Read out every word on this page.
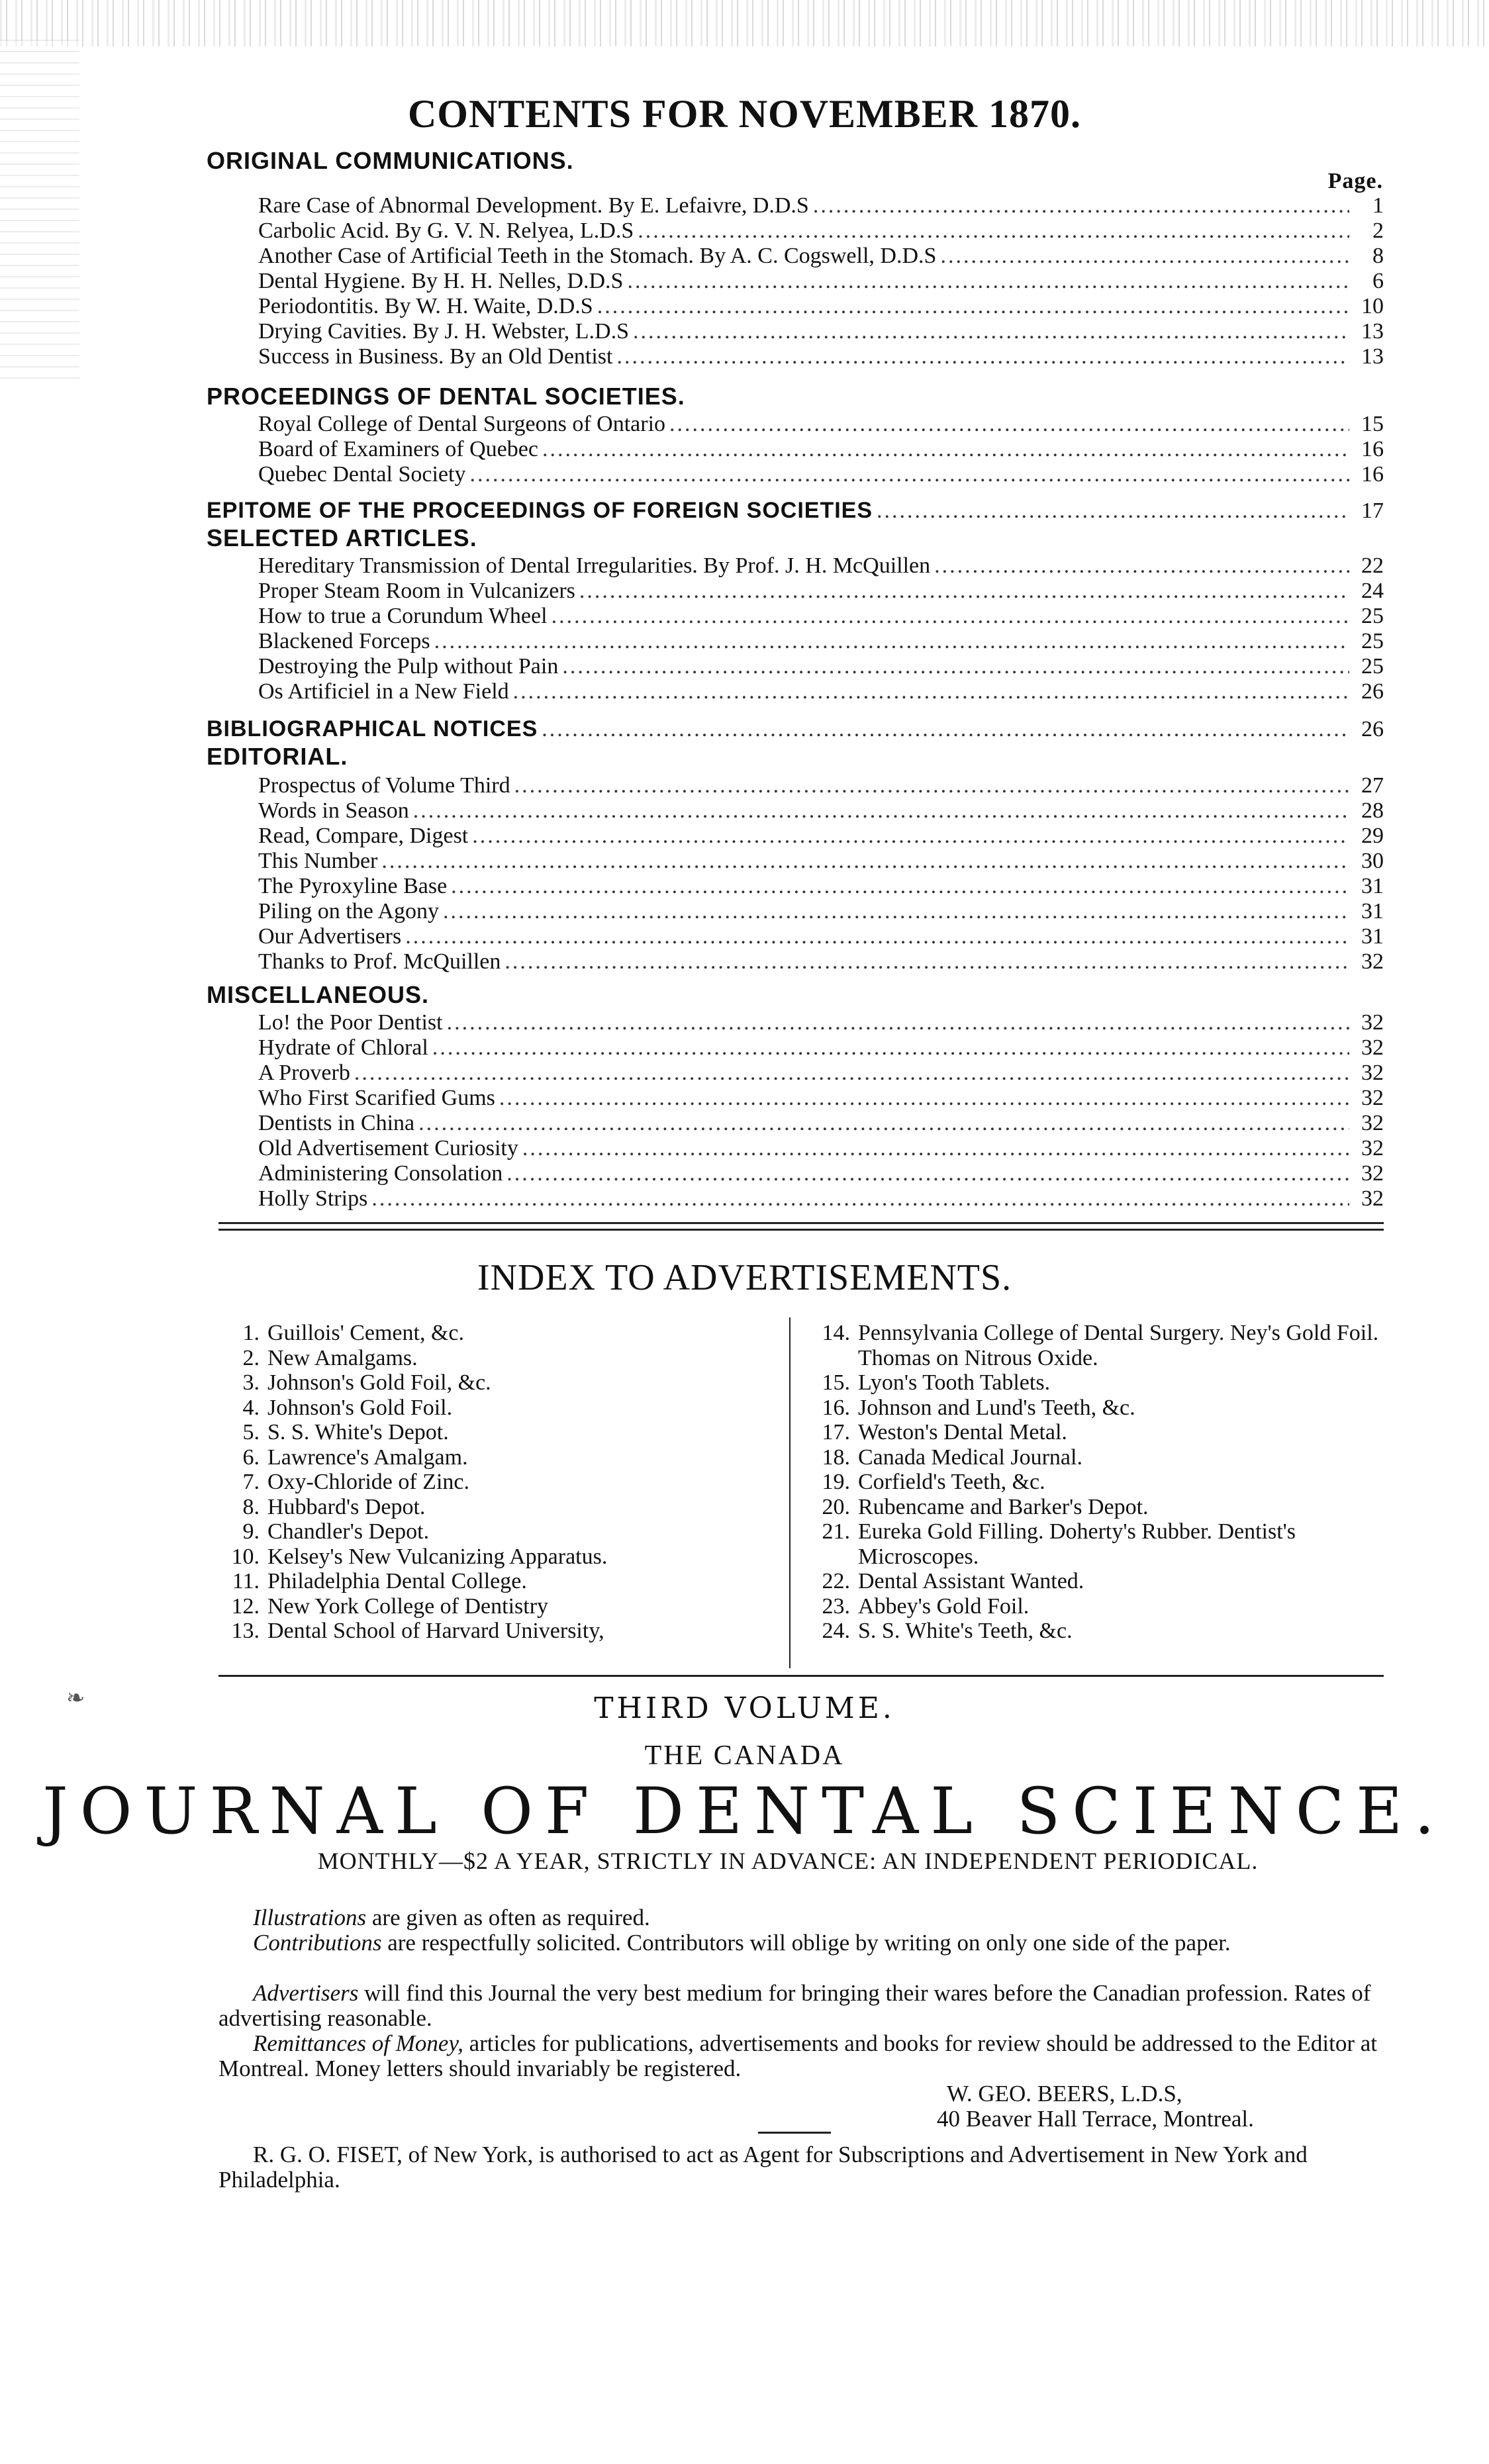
CONTENTS FOR NOVEMBER 1870.
ORIGINAL COMMUNICATIONS.
Page.
Rare Case of Abnormal Development. By E. Lefaivre, D.D.S .....	1
Carbolic Acid. By G. V. N. Relyea, L.D.S .....	2
Another Case of Artificial Teeth in the Stomach. By A. C. Cogswell, D.D.S .....	8
Dental Hygiene. By H. H. Nelles, D.D.S .....	6
Periodontitis. By W. H. Waite, D.D.S .....	10
Drying Cavities. By J. H. Webster, L.D.S .....	13
Success in Business. By an Old Dentist .....	13
PROCEEDINGS OF DENTAL SOCIETIES.
Royal College of Dental Surgeons of Ontario .....	15
Board of Examiners of Quebec .....	16
Quebec Dental Society .....	16
EPITOME OF THE PROCEEDINGS OF FOREIGN SOCIETIES .....	17
SELECTED ARTICLES.
Hereditary Transmission of Dental Irregularities. By Prof. J. H. McQuillen .....	22
Proper Steam Room in Vulcanizers .....	24
How to true a Corundum Wheel .....	25
Blackened Forceps .....	25
Destroying the Pulp without Pain .....	25
Os Artificiel in a New Field .....	26
BIBLIOGRAPHICAL NOTICES .....	26
EDITORIAL.
Prospectus of Volume Third .....	27
Words in Season .....	28
Read, Compare, Digest .....	29
This Number .....	30
The Pyroxyline Base .....	31
Piling on the Agony .....	31
Our Advertisers .....	31
Thanks to Prof. McQuillen .....	32
MISCELLANEOUS.
Lo! the Poor Dentist .....	32
Hydrate of Chloral .....	32
A Proverb .....	32
Who First Scarified Gums .....	32
Dentists in China .....	32
Old Advertisement Curiosity .....	32
Administering Consolation .....	32
Holly Strips .....	32
INDEX TO ADVERTISEMENTS.
1. Guillois' Cement, &c.
2. New Amalgams.
3. Johnson's Gold Foil, &c.
4. Johnson's Gold Foil.
5. S. S. White's Depot.
6. Lawrence's Amalgam.
7. Oxy-Chloride of Zinc.
8. Hubbard's Depot.
9. Chandler's Depot.
10. Kelsey's New Vulcanizing Apparatus.
11. Philadelphia Dental College.
12. New York College of Dentistry
13. Dental School of Harvard University,
14. Pennsylvania College of Dental Surgery. Ney's Gold Foil. Thomas on Nitrous Oxide.
15. Lyon's Tooth Tablets.
16. Johnson and Lund's Teeth, &c.
17. Weston's Dental Metal.
18. Canada Medical Journal.
19. Corfield's Teeth, &c.
20. Rubencame and Barker's Depot.
21. Eureka Gold Filling. Doherty's Rubber. Dentist's Microscopes.
22. Dental Assistant Wanted.
23. Abbey's Gold Foil.
24. S. S. White's Teeth, &c.
THIRD VOLUME.
THE CANADA
JOURNAL OF DENTAL SCIENCE.
MONTHLY—$2 A YEAR, STRICTLY IN ADVANCE: AN INDEPENDENT PERIODICAL.
Illustrations are given as often as required.
Contributions are respectfully solicited. Contributors will oblige by writing on only one side of the paper.
Advertisers will find this Journal the very best medium for bringing their wares before the Canadian profession. Rates of advertising reasonable.
Remittances of Money, articles for publications, advertisements and books for review should be addressed to the Editor at Montreal. Money letters should invariably be registered.
W. GEO. BEERS, L.D.S,
40 Beaver Hall Terrace, Montreal.
R. G. O. FISET, of New York, is authorised to act as Agent for Subscriptions and Advertisement in New York and Philadelphia.
❧
